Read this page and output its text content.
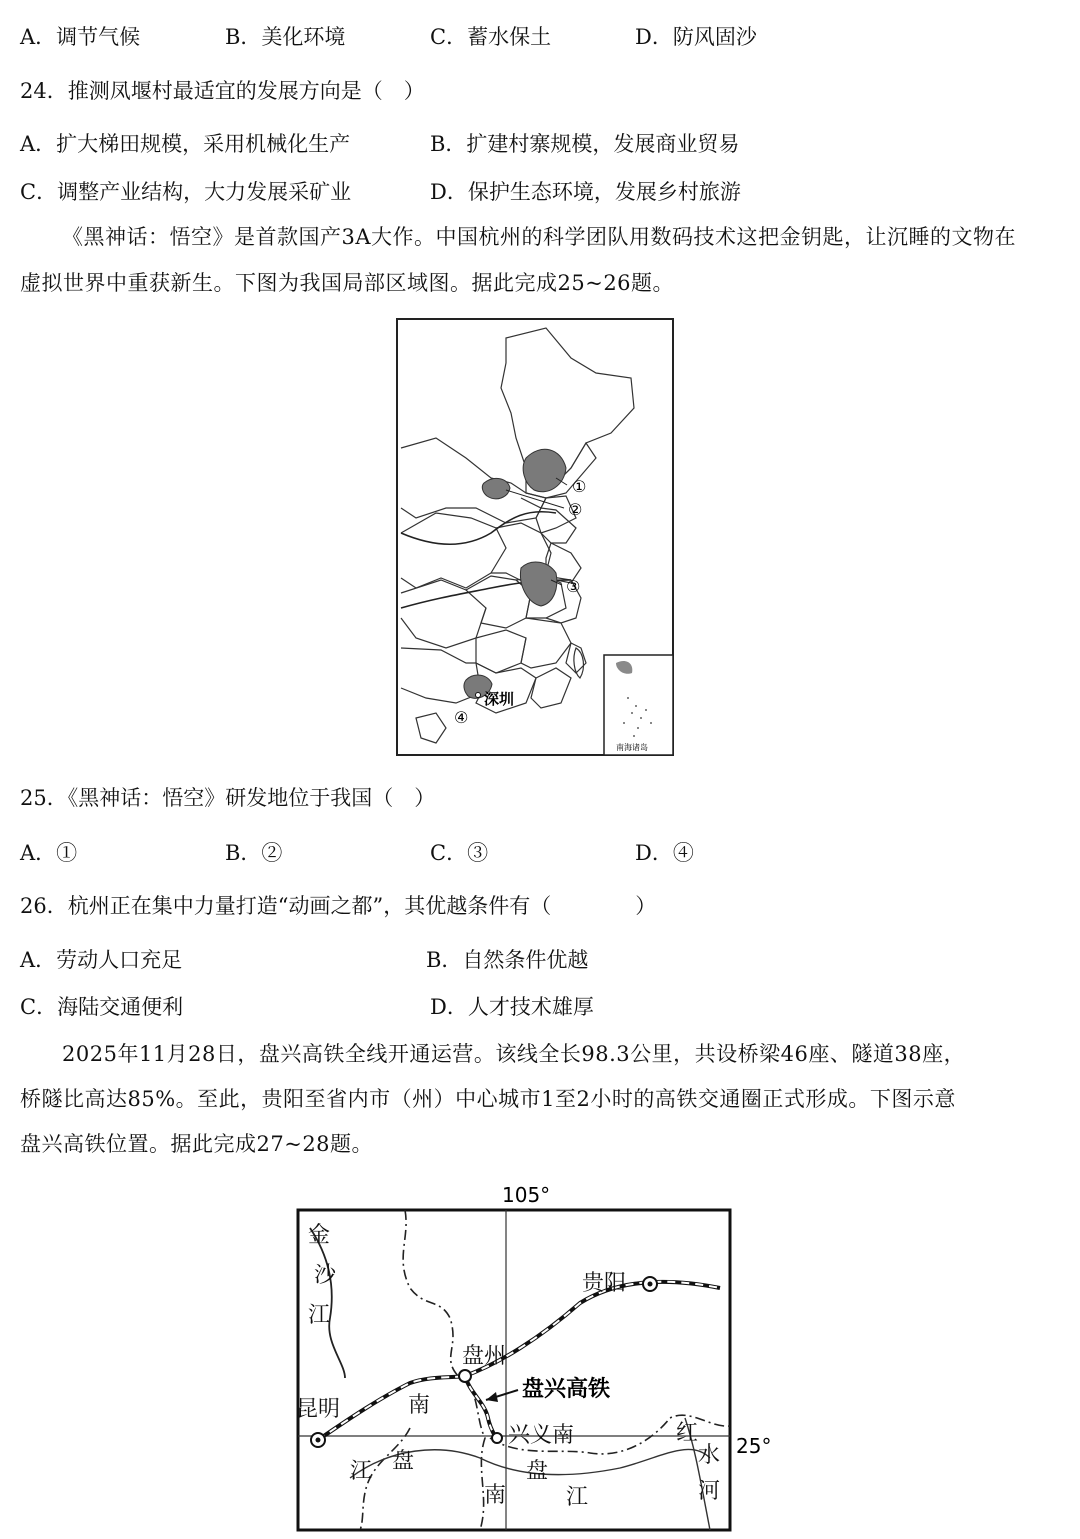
A．调节气候	B．美化环境	C．蓄水保土	D．防风固沙
24．推测凤堰村最适宜的发展方向是（　）
A．扩大梯田规模，采用机械化生产	B．扩建村寨规模，发展商业贸易
C．调整产业结构，大力发展采矿业	D．保护生态环境，发展乡村旅游
《黑神话：悟空》是首款国产3A大作。中国杭州的科学团队用数码技术这把金钥匙，让沉睡的文物在
虚拟世界中重获新生。下图为我国局部区域图。据此完成25~26题。
①
②
③
深圳
④
南海诸岛
25．《黑神话：悟空》研发地位于我国（　）
A．①	B．②	C．③	D．④
26．杭州正在集中力量打造“动画之都”，其优越条件有（　　　　）
A．劳动人口充足	B．自然条件优越
C．海陆交通便利	D．人才技术雄厚
2025年11月28日，盘兴高铁全线开通运营。该线全长98.3公里，共设桥梁46座、隧道38座，
桥隧比高达85%。至此，贵阳至省内市（州）中心城市1至2小时的高铁交通圈正式形成。下图示意
盘兴高铁位置。据此完成27~28题。
105°
25°
金
沙
江
贵阳
盘州
昆明
兴义南
南
盘
江
南
盘
江
红
水
河
盘兴高铁
